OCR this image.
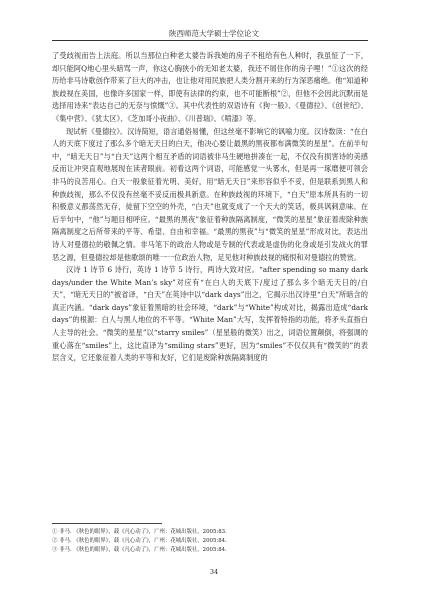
陕西师范大学硕士学位论文

了受歧视而告上法庭。所以当那位白种老太婆告诉我她的房子不租给有色人种时，我虽怔了一下，却只能阿Q地心里头暗骂一声，你这心胸狭小的无知老太婆，我还不屑住你的房子哩！”①这次的经历给非马诗歌创作带来了巨大的冲击，也让他对用民族把人类分割开来的行为深恶痛绝。他“知道种族歧视在美国，也像许多国家一样，即使有法律的约束，也不可能断根”②，但他不会因此沉默而是选择用诗来“表达自己的无奈与愤慨”③。其中代表性的双语诗有《狗一般》、《曼德拉》、《创世纪》、《集中营》、《犹太区》、《芝加哥小夜曲》、《川普瑞》、《喷漆》等。

现试析《曼德拉》。汉诗简短，语言通俗易懂，但这丝毫不影响它的讽喻力度。汉诗数读：“在白人的天底下度过了那么多个暗无天日的白天，他决心要让最黑的黑夜都布满微笑的星星”。在前半句中，“暗无天日”与“白天”这两个相互矛盾的词语被非马生硬地拼凑在一起，不仅没有损害诗的美感反而让冲突直观地展现在读者眼前。初看这两个词语，可能感觉一头雾水，但是再一琢磨便可领会非马的良苦用心。白天一般象征着光明、美好，用“暗无天日”来形容似乎不妥，但是联系到黑人和种族歧视，那么不仅没有丝毫不妥反而极具新意。在种族歧视的环境下，“白天”原本所具有的一切积极意义都荡然无存，徒留下空空的外壳，“白天”也就变成了一个天大的笑话，极具讽刺意味。在后半句中，“他”与题目相呼应。“最黑的黑夜”象征着种族隔离制度，“微笑的星星”象征着废除种族隔离制度之后所带来的平等、希望、自由和幸福。“最黑的黑夜”与“微笑的星星”形成对比，表达出诗人对曼德拉的敬佩之情。非马笔下的政治人物或是专制的代表或是虚伪的化身或是引发战火的罪恶之源，但曼德拉却是他歌颂的唯一一位政治人物，足见他对种族歧视的痛恨和对曼德拉的赞赏。

汉诗 1 诗节 6 诗行，英诗 1 诗节 5 诗行，两诗大致对应。“after spending so many dark days/under the White Man’s sky”对应有“在白人的天底下/度过了那么多个暗无天日的/白天”，“暗无天日的”被省译，“白天”在英诗中以“dark days”出之，它揭示出汉诗里“白天”所暗含的真正内涵。“dark days”象征着黑暗的社会环境，“dark”与“White”构成对比，揭露出造成“dark days”的根源：白人与黑人地位的不平等。“White Man”大写，发挥着特指的功能，将矛头直指白人主导的社会。“微笑的星星”以“starry smiles”（星星般的微笑）出之，词语位置颠倒，将强调的重心落在“smiles”上，这比直译为“smiling stars”更好，因为“smiles”不仅仅具有“微笑的”的表层含义，它还象征着人类的平等和友好，它们是废除种族隔离制度的

① 非马. 《秋色的眼界》，载《凡心动了》，广州：花城出版社，2005:83.
② 非马. 《秋色的眼界》，载《凡心动了》，广州：花城出版社，2005:84.
③ 非马. 《秋色的眼界》，载《凡心动了》，广州：花城出版社，2005:84.
34
